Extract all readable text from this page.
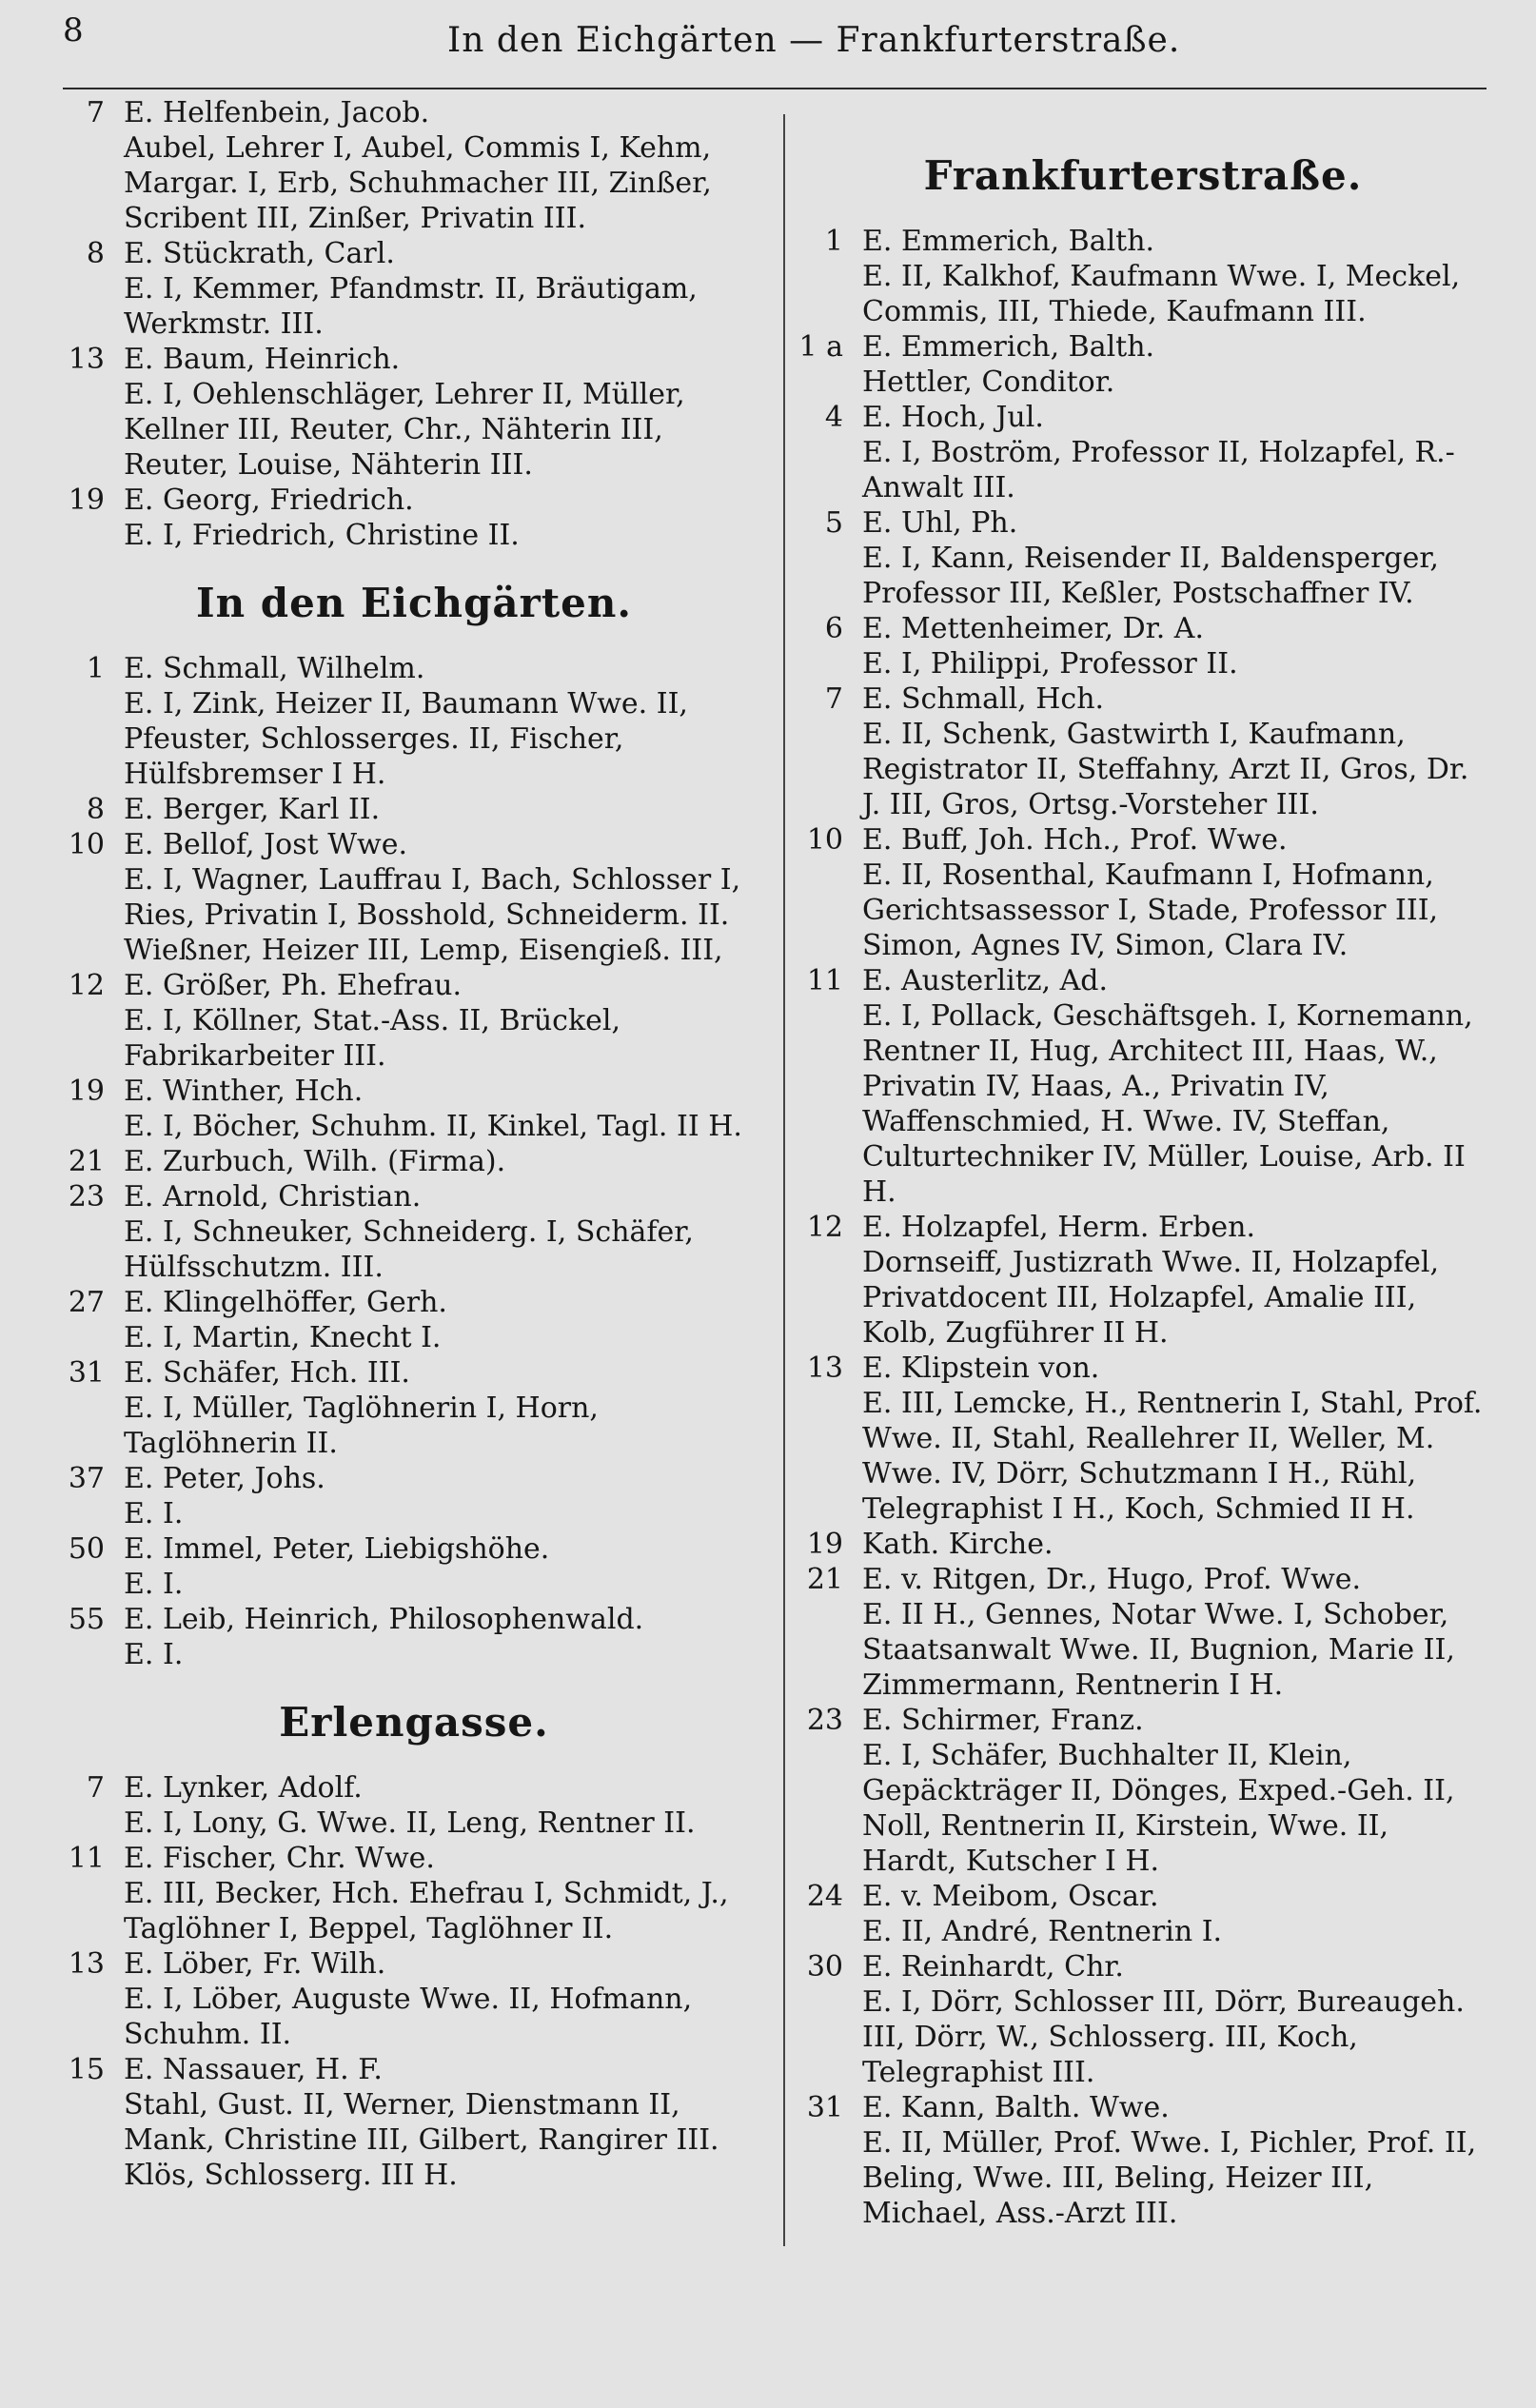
8	In den Eichgärten — Frankfurterstraße.
7 E. Helfenbein, Jacob.
Aubel, Lehrer I, Aubel, Commis I, Kehm, Margar. I, Erb, Schuhmacher III, Zinßer, Scribent III, Zinßer, Privatin III.
8 E. Stückrath, Carl.
E. I, Kemmer, Pfandmstr. II, Bräutigam, Werkmstr. III.
13 E. Baum, Heinrich.
E. I, Oehlenschläger, Lehrer II, Müller, Kellner III, Reuter, Chr., Nähterin III, Reuter, Louise, Nähterin III.
19 E. Georg, Friedrich.
E. I, Friedrich, Christine II.
In den Eichgärten.
1 E. Schmall, Wilhelm.
E. I, Zink, Heizer II, Baumann Wwe. II, Pfeuster, Schlosserges. II, Fischer, Hülfsbremser I H.
8 E. Berger, Karl II.
10 E. Bellof, Jost Wwe.
E. I, Wagner, Lauffrau I, Bach, Schlosser I, Ries, Privatin I, Bosshold, Schneiderm. II. Wießner, Heizer III, Lemp, Eisengieß. III,
12 E. Größer, Ph. Ehefrau.
E. I, Köllner, Stat.-Ass. II, Brückel, Fabrikarbeiter III.
19 E. Winther, Hch.
E. I, Böcher, Schuhm. II, Kinkel, Tagl. II H.
21 E. Zurbuch, Wilh. (Firma).
23 E. Arnold, Christian.
E. I, Schneuker, Schneiderg. I, Schäfer, Hülfsschutzm. III.
27 E. Klingelhöffer, Gerh.
E. I, Martin, Knecht I.
31 E. Schäfer, Hch. III.
E. I, Müller, Taglöhnerin I, Horn, Taglöhnerin II.
37 E. Peter, Johs.
E. I.
50 E. Immel, Peter, Liebigshöhe.
E. I.
55 E. Leib, Heinrich, Philosophenwald.
E. I.
Erlengasse.
7 E. Lynker, Adolf.
E. I, Lony, G. Wwe. II, Leng, Rentner II.
11 E. Fischer, Chr. Wwe.
E. III, Becker, Hch. Ehefrau I, Schmidt, J., Taglöhner I, Beppel, Taglöhner II.
13 E. Löber, Fr. Wilh.
E. I, Löber, Auguste Wwe. II, Hofmann, Schuhm. II.
15 E. Nassauer, H. F.
Stahl, Gust. II, Werner, Dienstmann II, Mank, Christine III, Gilbert, Rangirer III. Klös, Schlosserg. III H.
Frankfurterstraße.
1 E. Emmerich, Balth.
E. II, Kalkhof, Kaufmann Wwe. I, Meckel, Commis, III, Thiede, Kaufmann III.
1 a E. Emmerich, Balth.
Hettler, Conditor.
4 E. Hoch, Jul.
E. I, Boström, Professor II, Holzapfel, R.-Anwalt III.
5 E. Uhl, Ph.
E. I, Kann, Reisender II, Baldensperger, Professor III, Keßler, Postschaffner IV.
6 E. Mettenheimer, Dr. A.
E. I, Philippi, Professor II.
7 E. Schmall, Hch.
E. II, Schenk, Gastwirth I, Kaufmann, Registrator II, Steffahny, Arzt II, Gros, Dr. J. III, Gros, Ortsg.-Vorsteher III.
10 E. Buff, Joh. Hch., Prof. Wwe.
E. II, Rosenthal, Kaufmann I, Hofmann, Gerichtsassessor I, Stade, Professor III, Simon, Agnes IV, Simon, Clara IV.
11 E. Austerlitz, Ad.
E. I, Pollack, Geschäftsgeh. I, Kornemann, Rentner II, Hug, Architect III, Haas, W., Privatin IV, Haas, A., Privatin IV, Waffenschmied, H. Wwe. IV, Steffan, Culturtechniker IV, Müller, Louise, Arb. II H.
12 E. Holzapfel, Herm. Erben.
Dornseiff, Justizrath Wwe. II, Holzapfel, Privatdocent III, Holzapfel, Amalie III, Kolb, Zugführer II H.
13 E. Klipstein von.
E. III, Lemcke, H., Rentnerin I, Stahl, Prof. Wwe. II, Stahl, Reallehrer II, Weller, M. Wwe. IV, Dörr, Schutzmann I H., Rühl, Telegraphist I H., Koch, Schmied II H.
19 Kath. Kirche.
21 E. v. Ritgen, Dr., Hugo, Prof. Wwe.
E. II H., Gennes, Notar Wwe. I, Schober, Staatsanwalt Wwe. II, Bugnion, Marie II, Zimmermann, Rentnerin I H.
23 E. Schirmer, Franz.
E. I, Schäfer, Buchhalter II, Klein, Gepäckträger II, Dönges, Exped.-Geh. II, Noll, Rentnerin II, Kirstein, Wwe. II, Hardt, Kutscher I H.
24 E. v. Meibom, Oscar.
E. II, André, Rentnerin I.
30 E. Reinhardt, Chr.
E. I, Dörr, Schlosser III, Dörr, Bureaugeh. III, Dörr, W., Schlosserg. III, Koch, Telegraphist III.
31 E. Kann, Balth. Wwe.
E. II, Müller, Prof. Wwe. I, Pichler, Prof. II, Beling, Wwe. III, Beling, Heizer III, Michael, Ass.-Arzt III.
